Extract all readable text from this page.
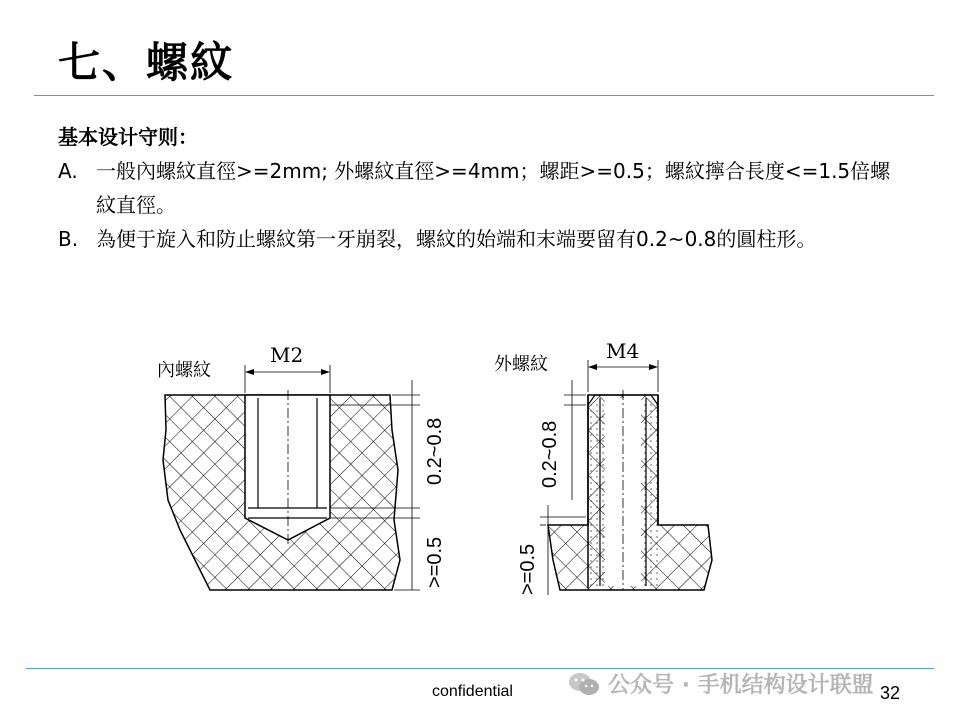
七、螺紋
基本设计守则：
A. 一般內螺紋直徑>=2mm; 外螺紋直徑>=4mm；螺距>=0.5；螺紋擰合長度<=1.5倍螺紋直徑。
B. 為便于旋入和防止螺紋第一牙崩裂，螺紋的始端和末端要留有0.2~0.8的圓柱形。
內螺紋
M2
0.2~0.8
>=0.5
外螺紋
M4
0.2~0.8
>=0.5
confidential	公众号 · 手机结构设计联盟 32
